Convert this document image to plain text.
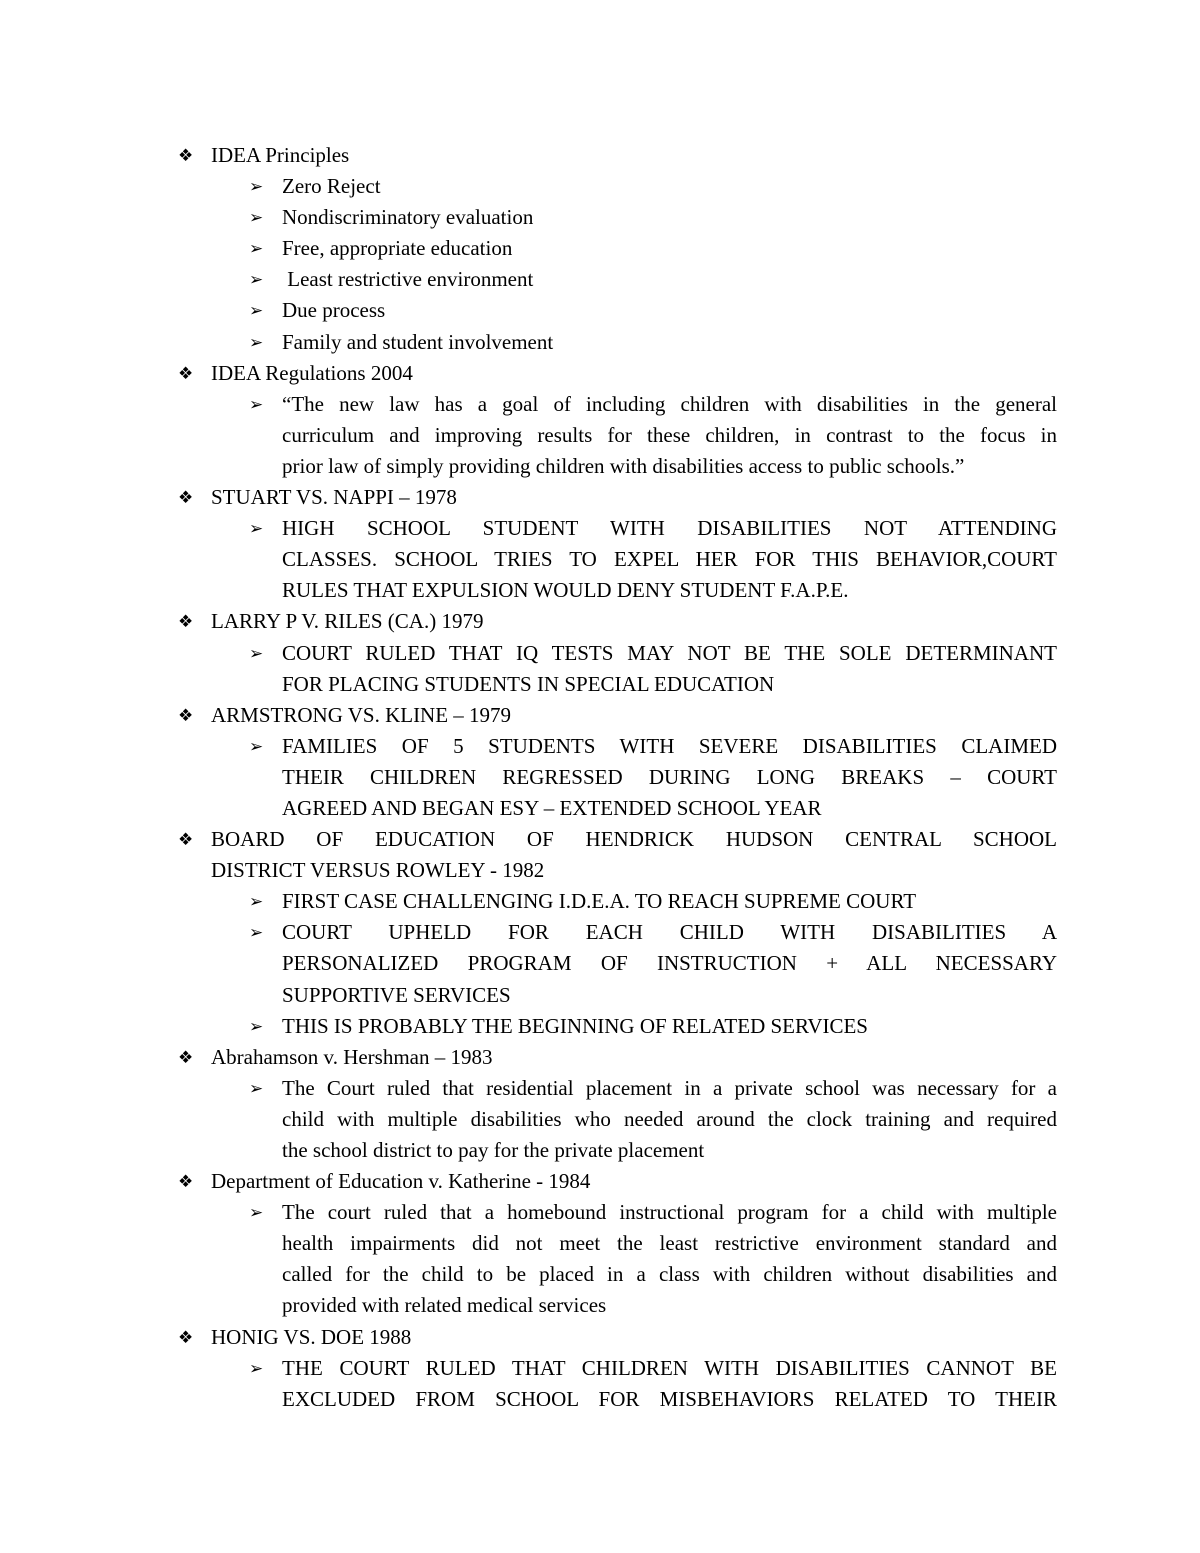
❖ IDEA Principles
➢ Zero Reject
➢ Nondiscriminatory evaluation
➢ Free, appropriate education
➢ Least restrictive environment
➢ Due process
➢ Family and student involvement
❖ IDEA Regulations 2004
➢ “The new law has a goal of including children with disabilities in the general
curriculum and improving results for these children, in contrast to the focus in
prior law of simply providing children with disabilities access to public schools.”
❖ STUART VS. NAPPI – 1978
➢ HIGH SCHOOL STUDENT WITH DISABILITIES NOT ATTENDING
CLASSES. SCHOOL TRIES TO EXPEL HER FOR THIS BEHAVIOR,COURT
RULES THAT EXPULSION WOULD DENY STUDENT F.A.P.E.
❖ LARRY P V. RILES (CA.) 1979
➢ COURT RULED THAT IQ TESTS MAY NOT BE THE SOLE DETERMINANT
FOR PLACING STUDENTS IN SPECIAL EDUCATION
❖ ARMSTRONG VS. KLINE – 1979
➢ FAMILIES OF 5 STUDENTS WITH SEVERE DISABILITIES CLAIMED
THEIR CHILDREN REGRESSED DURING LONG BREAKS – COURT
AGREED AND BEGAN ESY – EXTENDED SCHOOL YEAR
❖ BOARD OF EDUCATION OF HENDRICK HUDSON CENTRAL SCHOOL
DISTRICT VERSUS ROWLEY - 1982
➢ FIRST CASE CHALLENGING I.D.E.A. TO REACH SUPREME COURT
➢ COURT UPHELD FOR EACH CHILD WITH DISABILITIES A
PERSONALIZED PROGRAM OF INSTRUCTION + ALL NECESSARY
SUPPORTIVE SERVICES
➢ THIS IS PROBABLY THE BEGINNING OF RELATED SERVICES
❖ Abrahamson v. Hershman – 1983
➢ The Court ruled that residential placement in a private school was necessary for a
child with multiple disabilities who needed around the clock training and required
the school district to pay for the private placement
❖ Department of Education v. Katherine - 1984
➢ The court ruled that a homebound instructional program for a child with multiple
health impairments did not meet the least restrictive environment standard and
called for the child to be placed in a class with children without disabilities and
provided with related medical services
❖ HONIG VS. DOE 1988
➢ THE COURT RULED THAT CHILDREN WITH DISABILITIES CANNOT BE
EXCLUDED FROM SCHOOL FOR MISBEHAVIORS RELATED TO THEIR
